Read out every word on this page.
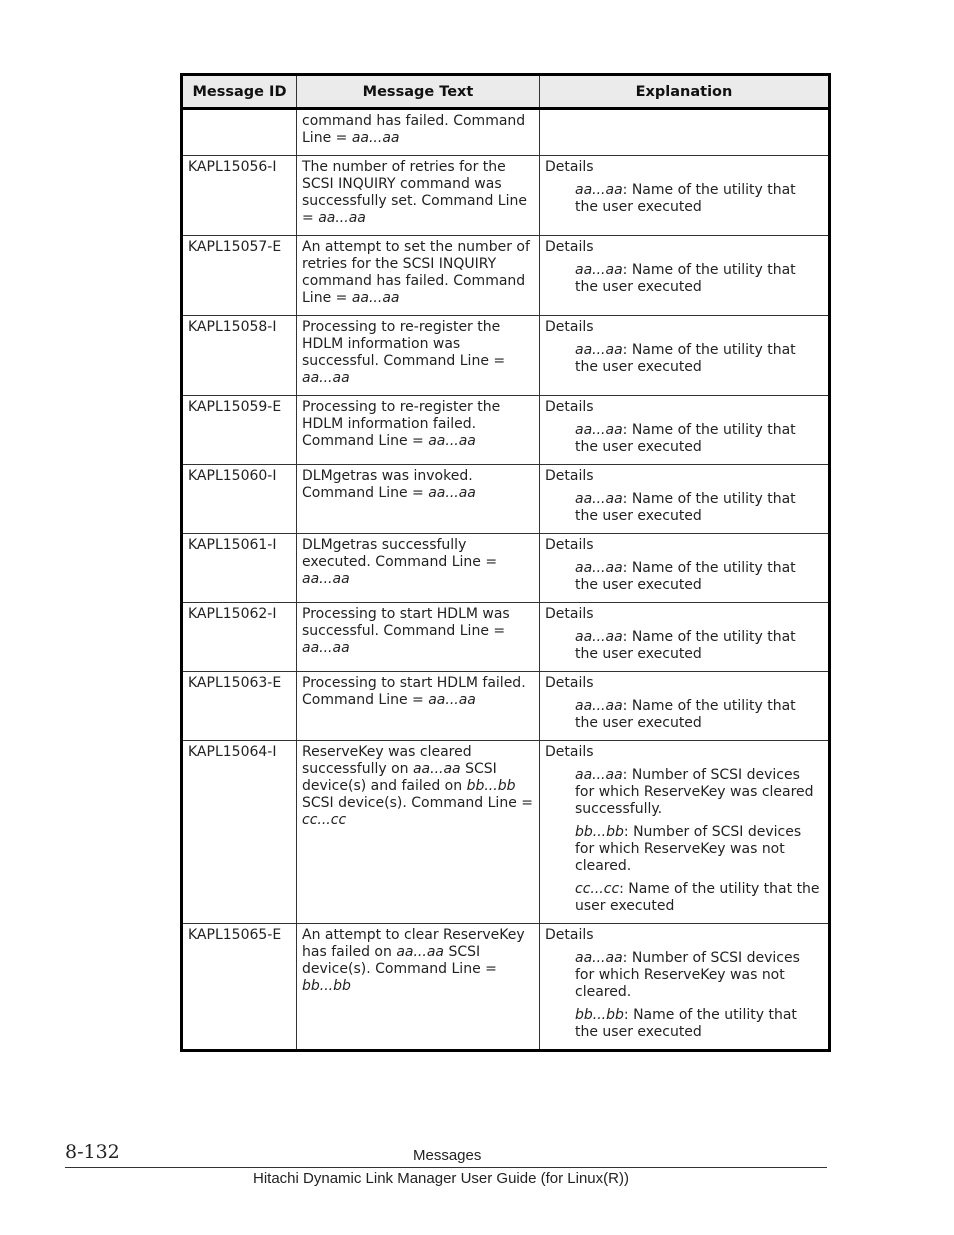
Message ID	Message Text	Explanation
	command has failed. Command Line = aa...aa	
KAPL15056-I	The number of retries for the SCSI INQUIRY command was successfully set. Command Line = aa...aa	Details
aa...aa: Name of the utility that the user executed

KAPL15057-E	An attempt to set the number of retries for the SCSI INQUIRY command has failed. Command Line = aa...aa	Details
aa...aa: Name of the utility that the user executed

KAPL15058-I	Processing to re-register the HDLM information was successful. Command Line = aa...aa	Details
aa...aa: Name of the utility that the user executed

KAPL15059-E	Processing to re-register the HDLM information failed. Command Line = aa...aa	Details
aa...aa: Name of the utility that the user executed

KAPL15060-I	DLMgetras was invoked. Command Line = aa...aa	Details
aa...aa: Name of the utility that the user executed

KAPL15061-I	DLMgetras successfully executed. Command Line = aa...aa	Details
aa...aa: Name of the utility that the user executed

KAPL15062-I	Processing to start HDLM was successful. Command Line = aa...aa	Details
aa...aa: Name of the utility that the user executed

KAPL15063-E	Processing to start HDLM failed. Command Line = aa...aa	Details
aa...aa: Name of the utility that the user executed

KAPL15064-I	ReserveKey was cleared successfully on aa...aa SCSI device(s) and failed on bb...bb SCSI device(s). Command Line = cc...cc	Details
aa...aa: Number of SCSI devices for which ReserveKey was cleared successfully.
bb...bb: Number of SCSI devices for which ReserveKey was not cleared.
cc...cc: Name of the utility that the user executed

KAPL15065-E	An attempt to clear ReserveKey has failed on aa...aa SCSI device(s). Command Line = bb...bb	Details
aa...aa: Number of SCSI devices for which ReserveKey was not cleared.
bb...bb: Name of the utility that the user executed
8-132	Messages
Hitachi Dynamic Link Manager User Guide (for Linux(R))
